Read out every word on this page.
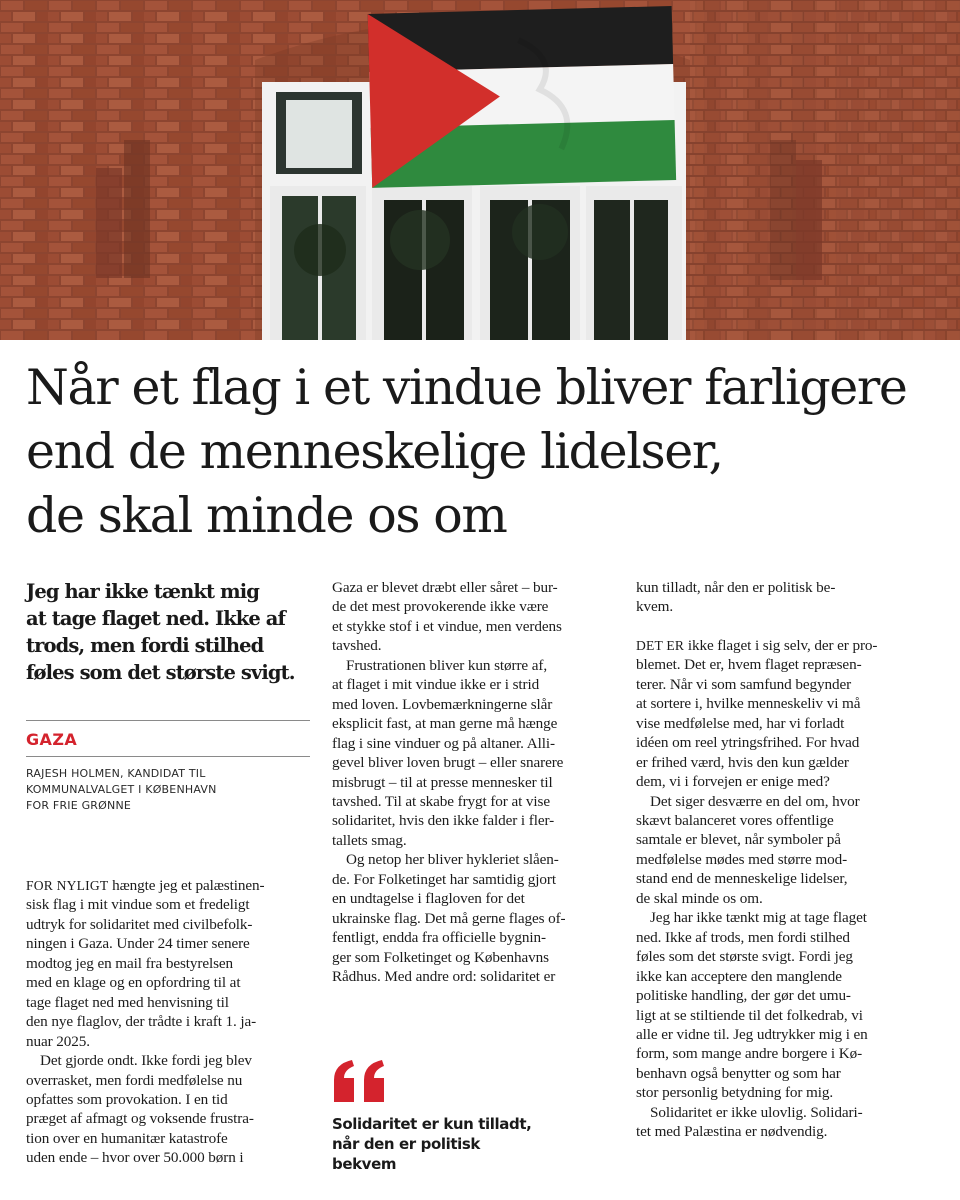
Når et flag i et vindue bliver farligere
end de menneskelige lidelser,
de skal minde os om
Jeg har ikke tænkt mig
at tage flaget ned. Ikke af
trods, men fordi stilhed
føles som det største svigt.
GAZA
RAJESH HOLMEN, KANDIDAT TIL
KOMMUNALVALGET I KØBENHAVN
FOR FRIE GRØNNE
FOR NYLIGT hængte jeg et palæstinen-
sisk flag i mit vindue som et fredeligt
udtryk for solidaritet med civilbefolk-
ningen i Gaza. Under 24 timer senere
modtog jeg en mail fra bestyrelsen
med en klage og en opfordring til at
tage flaget ned med henvisning til
den nye flaglov, der trådte i kraft 1. ja-
nuar 2025.
Det gjorde ondt. Ikke fordi jeg blev
overrasket, men fordi medfølelse nu
opfattes som provokation. I en tid
præget af afmagt og voksende frustra-
tion over en humanitær katastrofe
uden ende – hvor over 50.000 børn i
Gaza er blevet dræbt eller såret – bur-
de det mest provokerende ikke være
et stykke stof i et vindue, men verdens
tavshed.
Frustrationen bliver kun større af,
at flaget i mit vindue ikke er i strid
med loven. Lovbemærkningerne slår
eksplicit fast, at man gerne må hænge
flag i sine vinduer og på altaner. Alli-
gevel bliver loven brugt – eller snarere
misbrugt – til at presse mennesker til
tavshed. Til at skabe frygt for at vise
solidaritet, hvis den ikke falder i fler-
tallets smag.
Og netop her bliver hykleriet slåen-
de. For Folketinget har samtidig gjort
en undtagelse i flagloven for det
ukrainske flag. Det må gerne flages of-
fentligt, endda fra officielle bygnin-
ger som Folketinget og Københavns
Rådhus. Med andre ord: solidaritet er
Solidaritet er kun tilladt,
når den er politisk
bekvem
kun tilladt, når den er politisk be-
kvem.
DET ER ikke flaget i sig selv, der er pro-
blemet. Det er, hvem flaget repræsen-
terer. Når vi som samfund begynder
at sortere i, hvilke menneskeliv vi må
vise medfølelse med, har vi forladt
idéen om reel ytringsfrihed. For hvad
er frihed værd, hvis den kun gælder
dem, vi i forvejen er enige med?
Det siger desværre en del om, hvor
skævt balanceret vores offentlige
samtale er blevet, når symboler på
medfølelse mødes med større mod-
stand end de menneskelige lidelser,
de skal minde os om.
Jeg har ikke tænkt mig at tage flaget
ned. Ikke af trods, men fordi stilhed
føles som det største svigt. Fordi jeg
ikke kan acceptere den manglende
politiske handling, der gør det umu-
ligt at se stiltiende til det folkedrab, vi
alle er vidne til. Jeg udtrykker mig i en
form, som mange andre borgere i Kø-
benhavn også benytter og som har
stor personlig betydning for mig.
Solidaritet er ikke ulovlig. Solidari-
tet med Palæstina er nødvendig.
